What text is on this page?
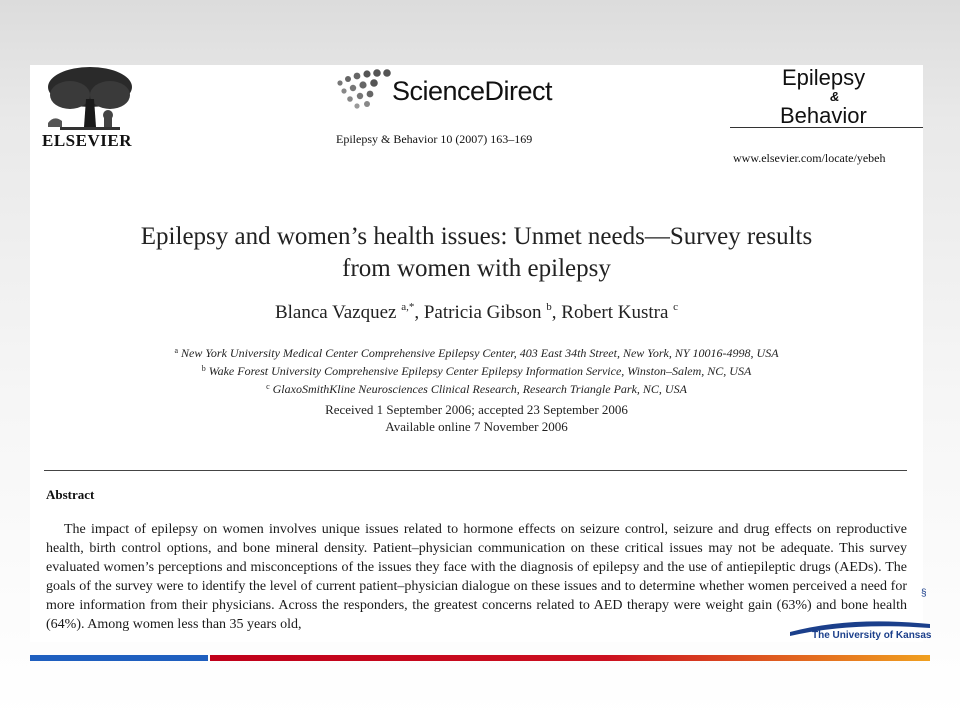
ELSEVIER
ScienceDirect
Epilepsy & Behavior 10 (2007) 163–169
Epilepsy
&
Behavior
www.elsevier.com/locate/yebeh
Epilepsy and women’s health issues: Unmet needs—Survey results
from women with epilepsy
Blanca Vazquez $^{a,*}$, Patricia Gibson $^b$, Robert Kustra $^c$
$^a$ New York University Medical Center Comprehensive Epilepsy Center, 403 East 34th Street, New York, NY 10016-4998, USA
$^b$ Wake Forest University Comprehensive Epilepsy Center Epilepsy Information Service, Winston–Salem, NC, USA
$^c$ GlaxoSmithKline Neurosciences Clinical Research, Research Triangle Park, NC, USA
Received 1 September 2006; accepted 23 September 2006
Available online 7 November 2006
Abstract
The impact of epilepsy on women involves unique issues related to hormone effects on seizure control, seizure and drug effects on reproductive health, birth control options, and bone mineral density. Patient–physician communication on these critical issues may not be adequate. This survey evaluated women’s perceptions and misconceptions of the issues they face with the diagnosis of epilepsy and the use of antiepileptic drugs (AEDs). The goals of the survey were to identify the level of current patient–physician dialogue on these issues and to determine whether women perceived a need for more information from their physicians. Across the responders, the greatest concerns related to AED therapy were weight gain (63%) and bone health (64%). Among women less than 35 years old,
§
The University of Kansas
